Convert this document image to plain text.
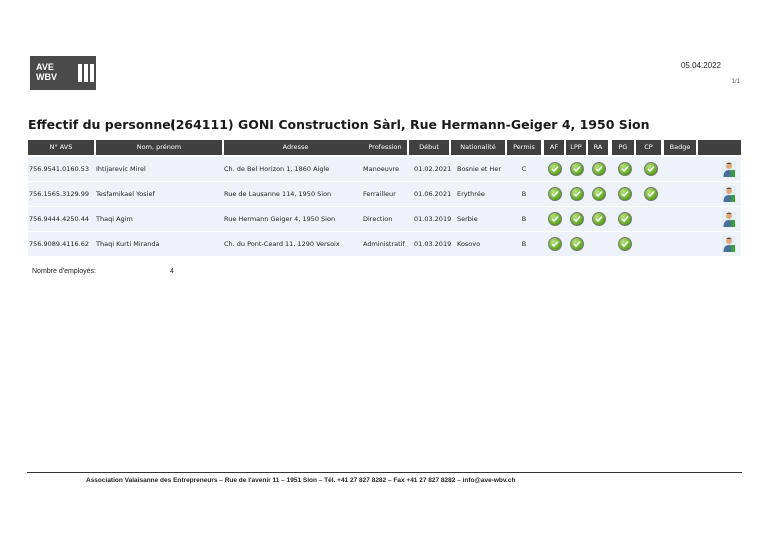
AVE
WBV
05.04.2022
1/1
Effectif du personnel
(264111) GONI Construction Sàrl, Rue Hermann-Geiger 4, 1950 Sion
N° AVS	Nom, prénom	Adresse	Profession	Début	Nationalité	Permis	AF	LPP	RA	PG	CP	Badge
756.9541.0160.53	Ihtijarevic Mirel	Ch. de Bel Horizon 1, 1860 Aigle	Manoeuvre	01.02.2021 Bosnie et Her	C
756.1565.3129.99	Tesfamikael Yosief	Rue de Lausanne 114, 1950 Sion	Ferrailleur	01.06.2021 Erythrée	B
756.9444.4250.44	Thaqi Agim	Rue Hermann Geiger 4, 1950 Sion	Direction	01.03.2019 Serbie	B
756.9089.4116.62	Thaqi Kurti Miranda	Ch. du Pont-Ceard 11, 1290 Versoix	Administratif	01.03.2019 Kosovo	B
Nombre d'employés:	4
Association Valaisanne des Entrepreneurs – Rue de l'avenir 11 – 1951 Sion – Tél. +41 27 827 8282 – Fax +41 27 827 8282 – info@ave-wbv.ch
